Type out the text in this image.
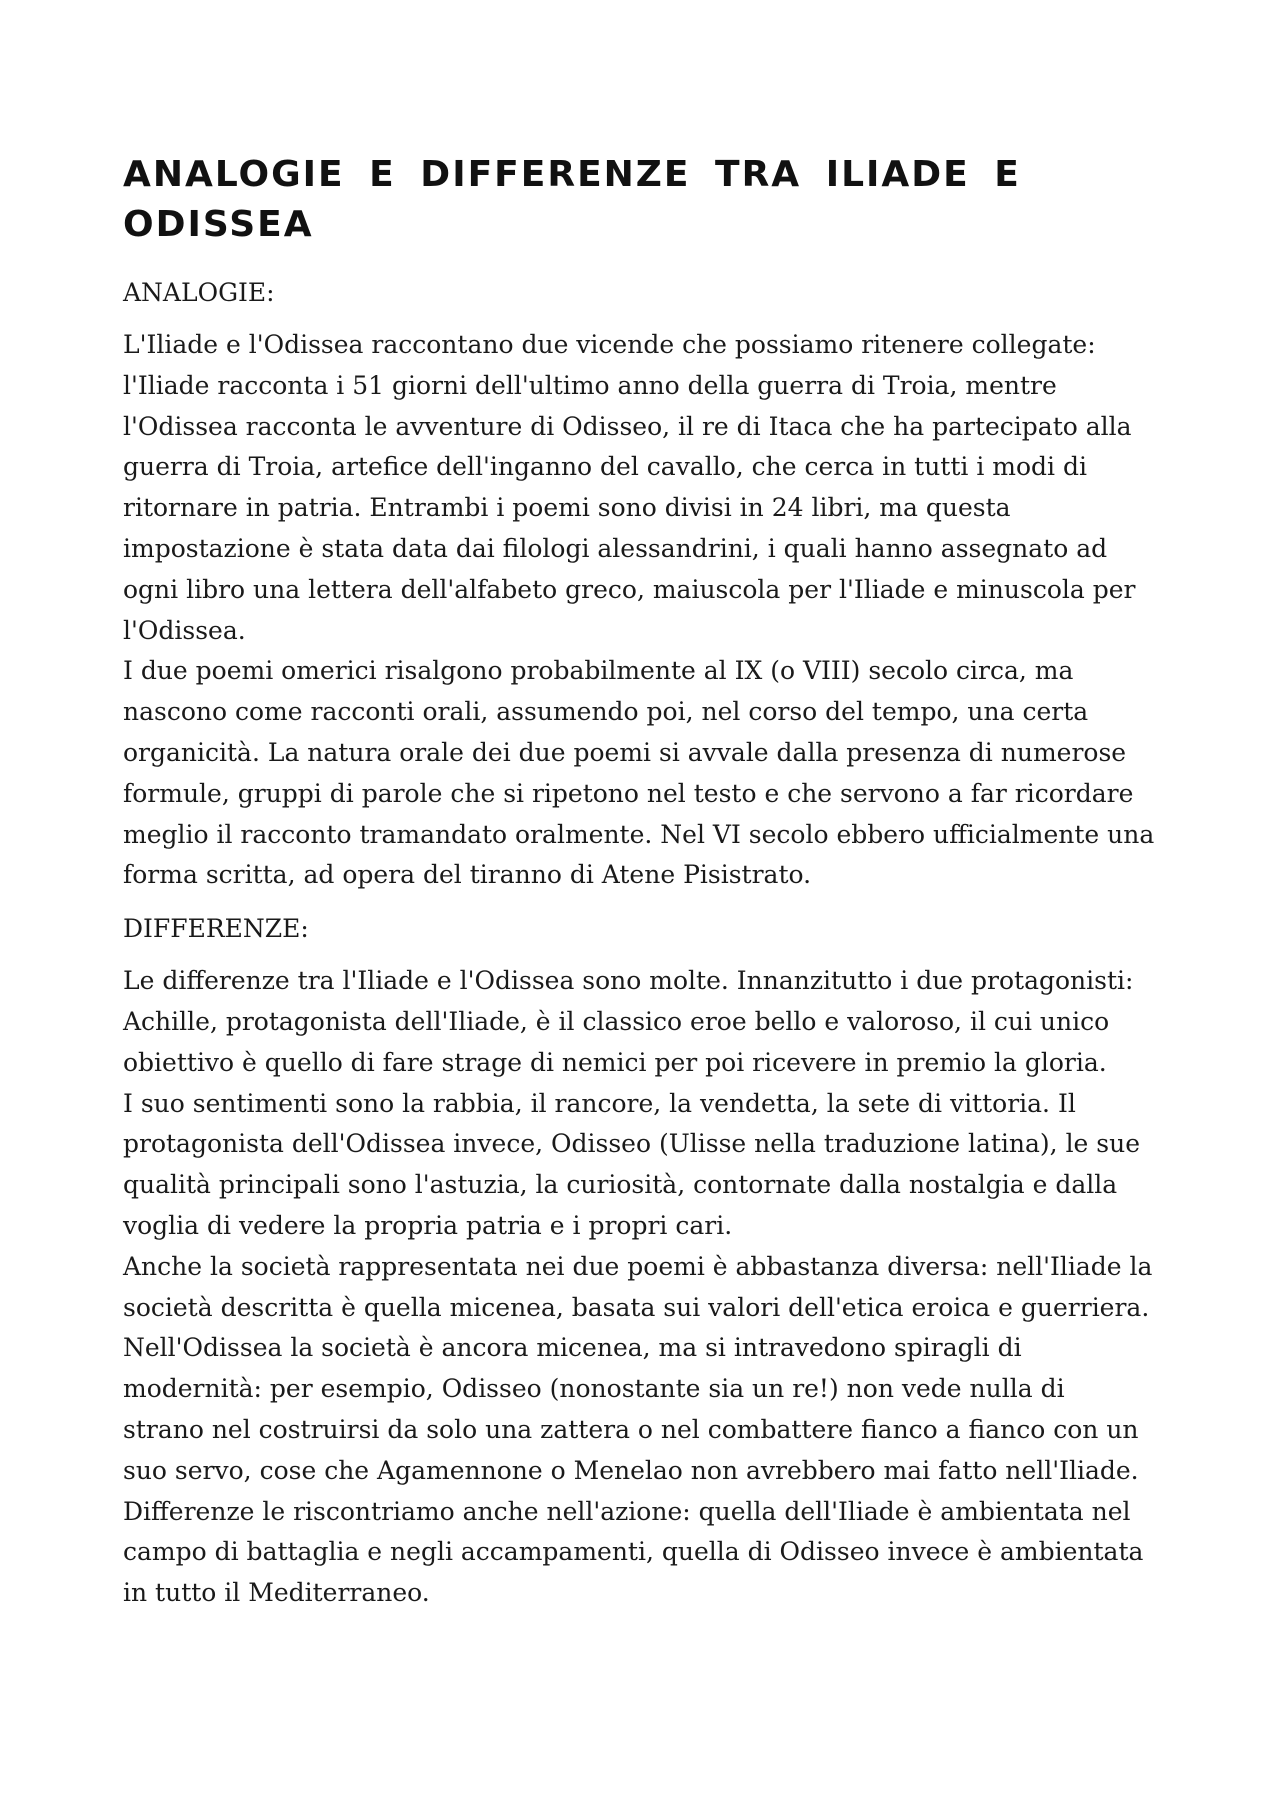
ANALOGIE E DIFFERENZE TRA ILIADE E
ODISSEA
ANALOGIE:

L'Iliade e l'Odissea raccontano due vicende che possiamo ritenere collegate:
l'Iliade racconta i 51 giorni dell'ultimo anno della guerra di Troia, mentre
l'Odissea racconta le avventure di Odisseo, il re di Itaca che ha partecipato alla
guerra di Troia, artefice dell'inganno del cavallo, che cerca in tutti i modi di
ritornare in patria. Entrambi i poemi sono divisi in 24 libri, ma questa
impostazione è stata data dai filologi alessandrini, i quali hanno assegnato ad
ogni libro una lettera dell'alfabeto greco, maiuscola per l'Iliade e minuscola per
l'Odissea.

I due poemi omerici risalgono probabilmente al IX (o VIII) secolo circa, ma
nascono come racconti orali, assumendo poi, nel corso del tempo, una certa
organicità. La natura orale dei due poemi si avvale dalla presenza di numerose
formule, gruppi di parole che si ripetono nel testo e che servono a far ricordare
meglio il racconto tramandato oralmente. Nel VI secolo ebbero ufficialmente una
forma scritta, ad opera del tiranno di Atene Pisistrato.

DIFFERENZE:

Le differenze tra l'Iliade e l'Odissea sono molte. Innanzitutto i due protagonisti:
Achille, protagonista dell'Iliade, è il classico eroe bello e valoroso, il cui unico
obiettivo è quello di fare strage di nemici per poi ricevere in premio la gloria.

I suo sentimenti sono la rabbia, il rancore, la vendetta, la sete di vittoria. Il
protagonista dell'Odissea invece, Odisseo (Ulisse nella traduzione latina), le sue
qualità principali sono l'astuzia, la curiosità, contornate dalla nostalgia e dalla
voglia di vedere la propria patria e i propri cari.

Anche la società rappresentata nei due poemi è abbastanza diversa: nell'Iliade la
società descritta è quella micenea, basata sui valori dell'etica eroica e guerriera.
Nell'Odissea la società è ancora micenea, ma si intravedono spiragli di
modernità: per esempio, Odisseo (nonostante sia un re!) non vede nulla di
strano nel costruirsi da solo una zattera o nel combattere fianco a fianco con un
suo servo, cose che Agamennone o Menelao non avrebbero mai fatto nell'Iliade.

Differenze le riscontriamo anche nell'azione: quella dell'Iliade è ambientata nel
campo di battaglia e negli accampamenti, quella di Odisseo invece è ambientata
in tutto il Mediterraneo.
